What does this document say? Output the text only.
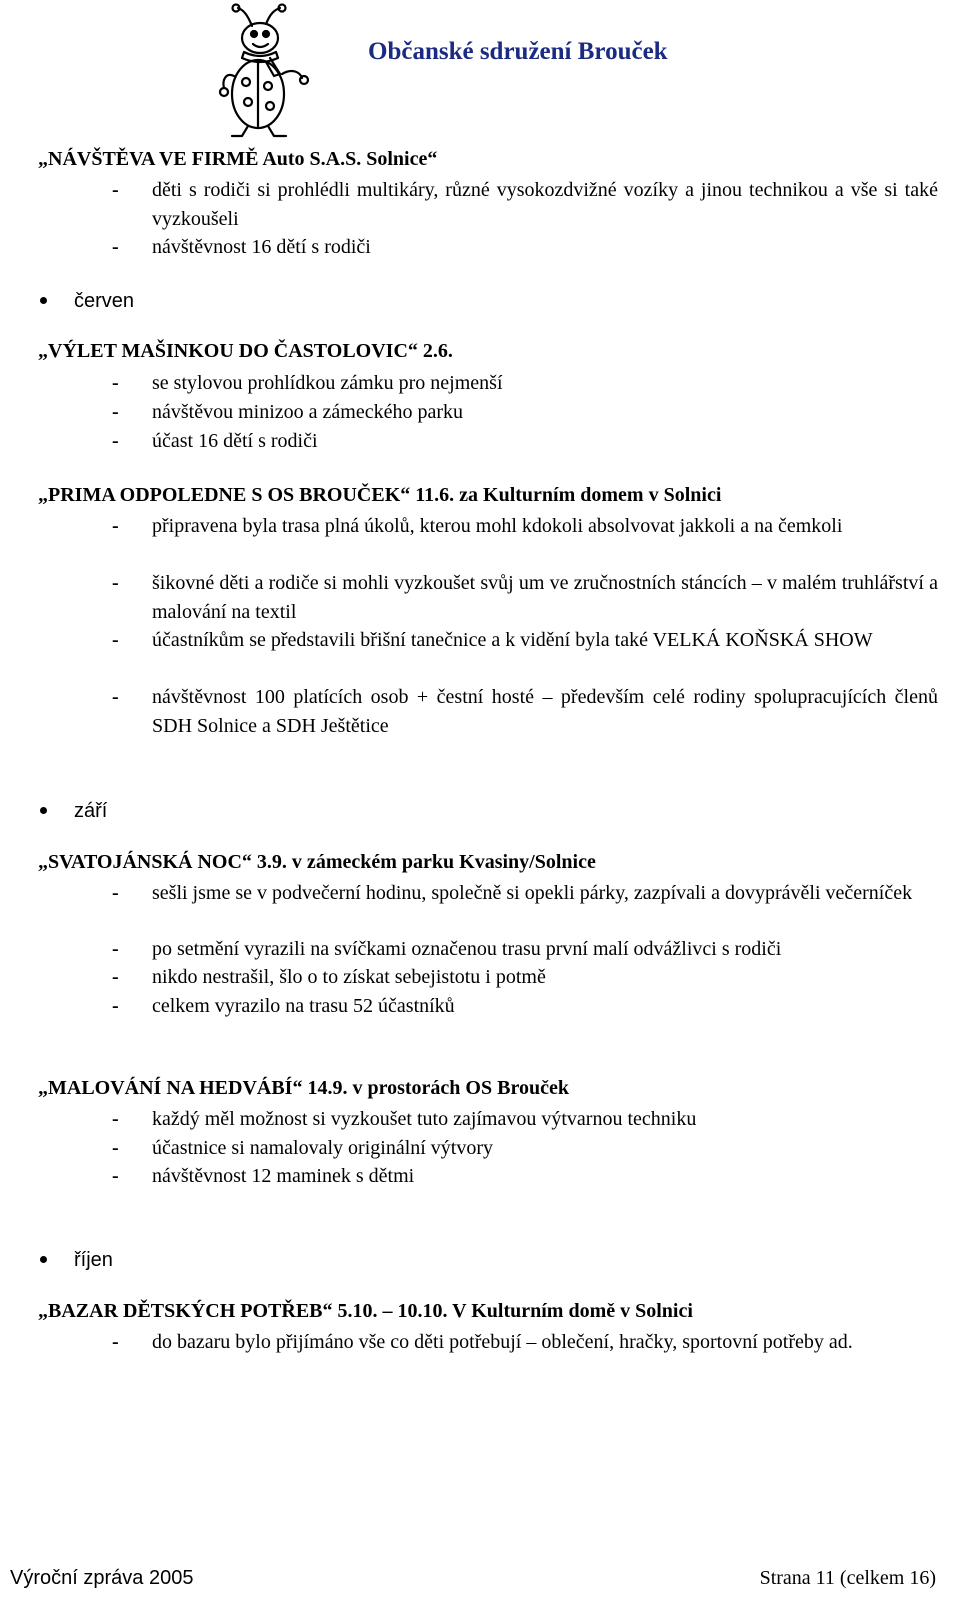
Občanské sdružení Brouček
„NÁVŠTĚVA VE FIRMĚ Auto S.A.S. Solnice“
- děti s rodiči si prohlédli multikáry, různé vysokozdvižné vozíky a jinou technikou a vše si také vyzkoušeli
- návštěvnost 16 dětí s rodiči
červen
„VÝLET MAŠINKOU DO ČASTOLOVIC“ 2.6.
- se stylovou prohlídkou zámku pro nejmenší
- návštěvou minizoo a zámeckého parku
- účast 16 dětí s rodiči
„PRIMA ODPOLEDNE S OS BROUČEK“ 11.6. za Kulturním domem v Solnici
- připravena byla trasa plná úkolů, kterou mohl kdokoli absolvovat jakkoli a na čemkoli
- šikovné děti a rodiče si mohli vyzkoušet svůj um ve zručnostních stáncích – v malém truhlářství a malování na textil
- účastníkům se představili břišní tanečnice a k vidění byla také VELKÁ KOŇSKÁ SHOW
- návštěvnost 100 platících osob + čestní hosté – především celé rodiny spolupracujících členů SDH Solnice a SDH Ještětice
září
„SVATOJÁNSKÁ NOC“ 3.9. v zámeckém parku Kvasiny/Solnice
- sešli jsme se v podvečerní hodinu, společně si opekli párky, zazpívali a dovyprávěli večerníček
- po setmění vyrazili na svíčkami označenou trasu první malí odvážlivci s rodiči
- nikdo nestrašil, šlo o to získat sebejistotu i potmě
- celkem vyrazilo na trasu 52 účastníků
„MALOVÁNÍ NA HEDVÁBÍ“ 14.9. v prostorách OS Brouček
- každý měl možnost si vyzkoušet tuto zajímavou výtvarnou techniku
- účastnice si namalovaly originální výtvory
- návštěvnost 12 maminek s dětmi
říjen
„BAZAR DĚTSKÝCH POTŘEB“ 5.10. – 10.10. V Kulturním domě v Solnici
- do bazaru bylo přijímáno vše co děti potřebují – oblečení, hračky, sportovní potřeby ad.
Výroční zpráva 2005	Strana 11 (celkem 16)
